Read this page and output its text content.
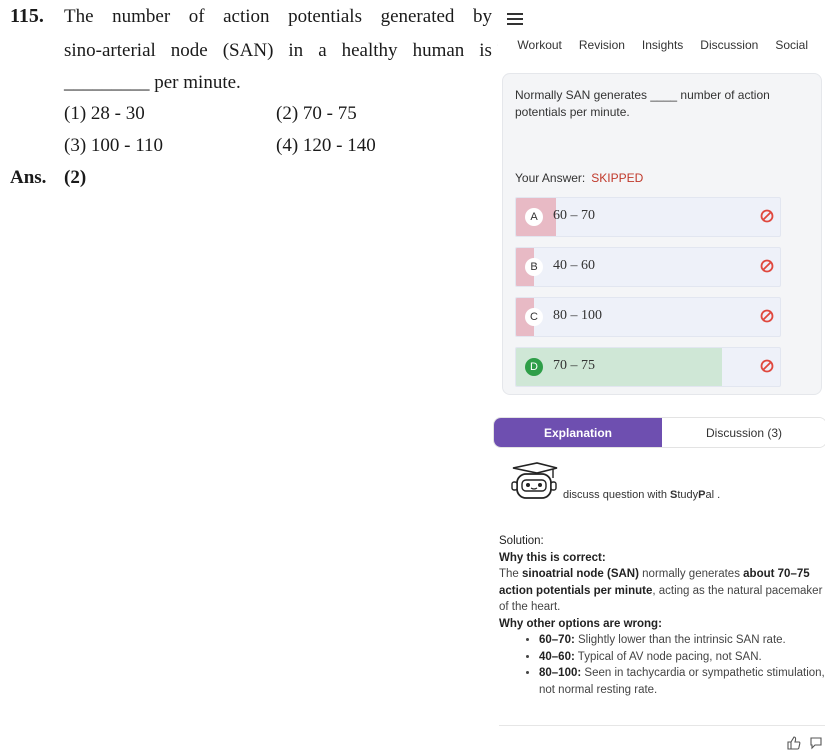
115. The number of action potentials generated by
sino-arterial node (SAN) in a healthy human is
_________ per minute.
(1) 28 - 30	(2) 70 - 75
(3) 100 - 110	(4) 120 - 140
Ans. (2)
Workout Revision Insights Discussion Social
Normally SAN generates ____ number of action potentials per minute.
Your Answer: SKIPPED
A	60 – 70
B	40 – 60
C	80 – 100
D	70 – 75
Explanation	Discussion (3)
discuss question with StudyPal .
Solution:
Why this is correct:
The sinoatrial node (SAN) normally generates about 70–75 action potentials per minute, acting as the natural pacemaker of the heart.
Why other options are wrong:
• 60–70: Slightly lower than the intrinsic SAN rate.
• 40–60: Typical of AV node pacing, not SAN.
• 80–100: Seen in tachycardia or sympathetic stimulation, not normal resting rate.
